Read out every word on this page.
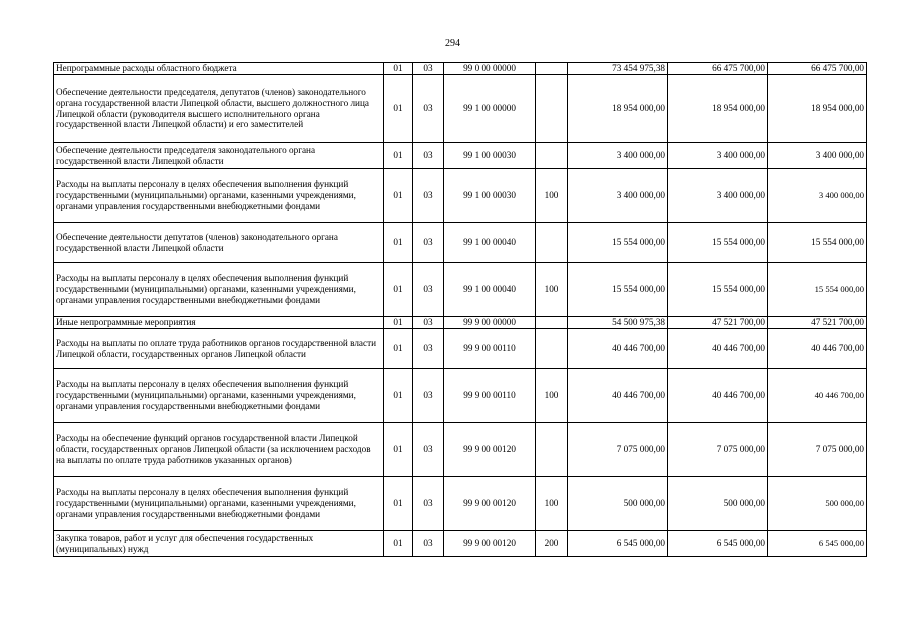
294
Непрограммные расходы областного бюджета	01	03	99 0 00 00000		73 454 975,38	66 475 700,00	66 475 700,00
Обеспечение деятельности председателя, депутатов (членов) законодательного органа государственной власти Липецкой области, высшего должностного лица Липецкой области (руководителя высшего исполнительного органа государственной власти Липецкой области) и его заместителей	01	03	99 1 00 00000		18 954 000,00	18 954 000,00	18 954 000,00
Обеспечение деятельности председателя законодательного органа государственной власти Липецкой области	01	03	99 1 00 00030		3 400 000,00	3 400 000,00	3 400 000,00
Расходы на выплаты персоналу в целях обеспечения выполнения функций государственными (муниципальными) органами, казенными учреждениями, органами управления государственными внебюджетными фондами	01	03	99 1 00 00030	100	3 400 000,00	3 400 000,00	3 400 000,00
Обеспечение деятельности депутатов (членов) законодательного органа государственной власти Липецкой области	01	03	99 1 00 00040		15 554 000,00	15 554 000,00	15 554 000,00
Расходы на выплаты персоналу в целях обеспечения выполнения функций государственными (муниципальными) органами, казенными учреждениями, органами управления государственными внебюджетными фондами	01	03	99 1 00 00040	100	15 554 000,00	15 554 000,00	15 554 000,00
Иные непрограммные мероприятия	01	03	99 9 00 00000		54 500 975,38	47 521 700,00	47 521 700,00
Расходы на выплаты по оплате труда работников органов государственной власти Липецкой области, государственных органов Липецкой области	01	03	99 9 00 00110		40 446 700,00	40 446 700,00	40 446 700,00
Расходы на выплаты персоналу в целях обеспечения выполнения функций государственными (муниципальными) органами, казенными учреждениями, органами управления государственными внебюджетными фондами	01	03	99 9 00 00110	100	40 446 700,00	40 446 700,00	40 446 700,00
Расходы на обеспечение функций органов государственной власти Липецкой области, государственных органов Липецкой области (за исключением расходов на выплаты по оплате труда работников указанных органов)	01	03	99 9 00 00120		7 075 000,00	7 075 000,00	7 075 000,00
Расходы на выплаты персоналу в целях обеспечения выполнения функций государственными (муниципальными) органами, казенными учреждениями, органами управления государственными внебюджетными фондами	01	03	99 9 00 00120	100	500 000,00	500 000,00	500 000,00
Закупка товаров, работ и услуг для обеспечения государственных (муниципальных) нужд	01	03	99 9 00 00120	200	6 545 000,00	6 545 000,00	6 545 000,00
